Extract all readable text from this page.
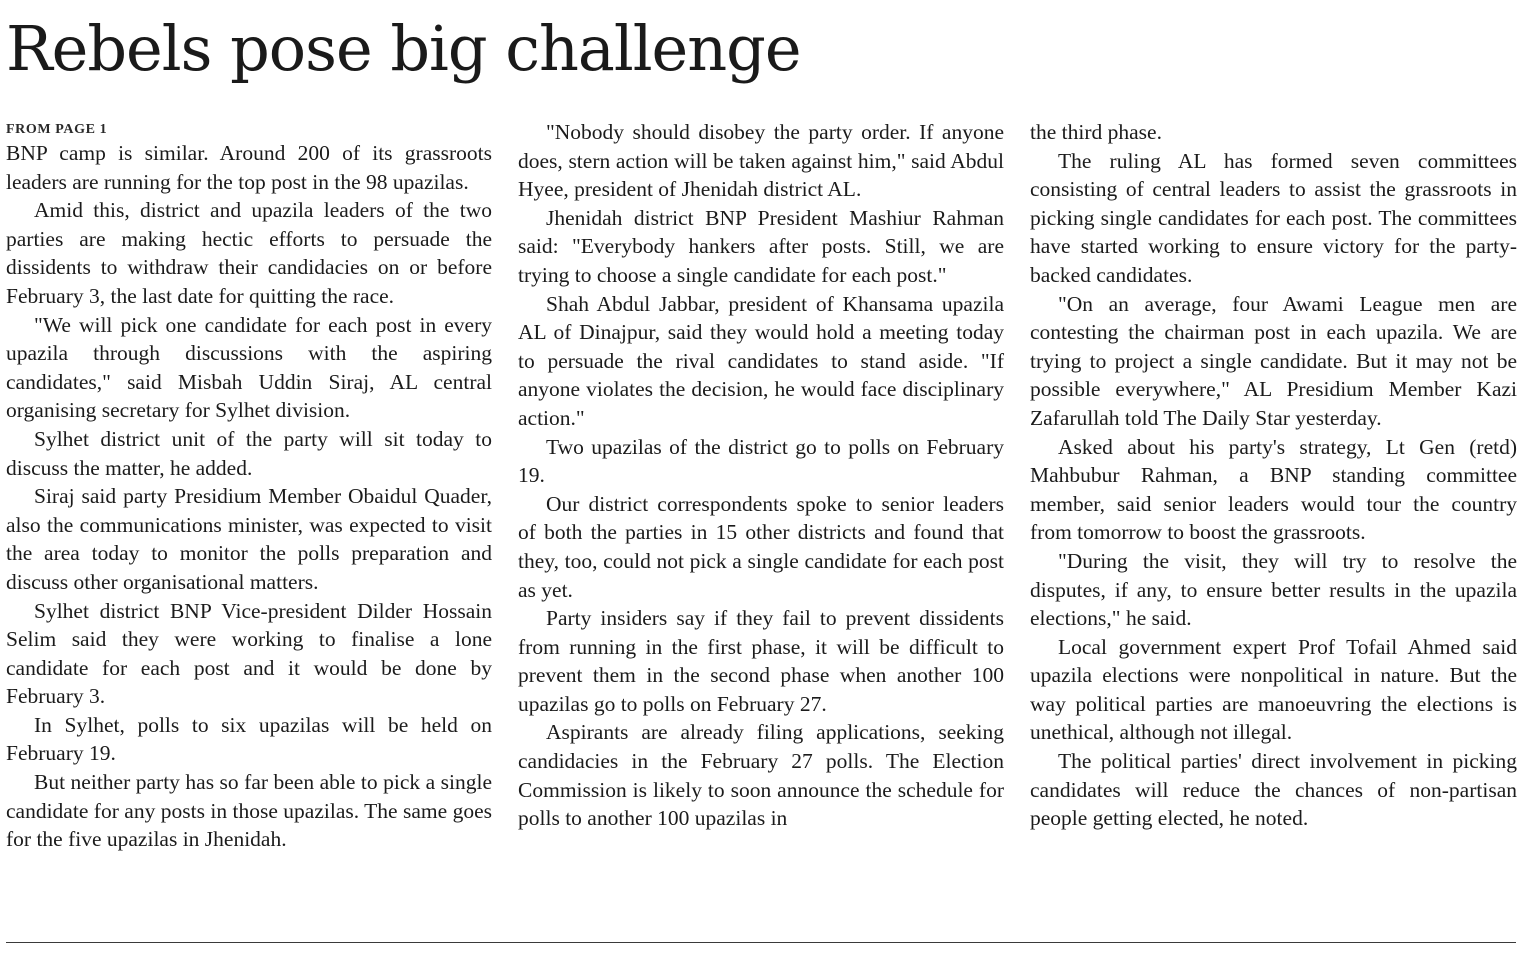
Rebels pose big challenge
FROM PAGE 1

BNP camp is similar. Around 200 of its grassroots leaders are running for the top post in the 98 upazilas.

Amid this, district and upazila leaders of the two parties are making hectic efforts to persuade the dissidents to withdraw their candidacies on or before February 3, the last date for quitting the race.

"We will pick one candidate for each post in every upazila through discussions with the aspiring candidates," said Misbah Uddin Siraj, AL central organising secretary for Sylhet division.

Sylhet district unit of the party will sit today to discuss the matter, he added.

Siraj said party Presidium Member Obaidul Quader, also the communications minister, was expected to visit the area today to monitor the polls preparation and discuss other organisational matters.

Sylhet district BNP Vice-president Dilder Hossain Selim said they were working to finalise a lone candidate for each post and it would be done by February 3.

In Sylhet, polls to six upazilas will be held on February 19.

But neither party has so far been able to pick a single candidate for any posts in those upazilas. The same goes for the five upazilas in Jhenidah.

"Nobody should disobey the party order. If anyone does, stern action will be taken against him," said Abdul Hyee, president of Jhenidah district AL.

Jhenidah district BNP President Mashiur Rahman said: "Everybody hankers after posts. Still, we are trying to choose a single candidate for each post."

Shah Abdul Jabbar, president of Khansama upazila AL of Dinajpur, said they would hold a meeting today to persuade the rival candidates to stand aside. "If anyone violates the decision, he would face disciplinary action."

Two upazilas of the district go to polls on February 19.

Our district correspondents spoke to senior leaders of both the parties in 15 other districts and found that they, too, could not pick a single candidate for each post as yet.

Party insiders say if they fail to prevent dissidents from running in the first phase, it will be difficult to prevent them in the second phase when another 100 upazilas go to polls on February 27.

Aspirants are already filing applications, seeking candidacies in the February 27 polls. The Election Commission is likely to soon announce the schedule for polls to another 100 upazilas in

the third phase.

The ruling AL has formed seven committees consisting of central leaders to assist the grassroots in picking single candidates for each post. The committees have started working to ensure victory for the party-backed candidates.

"On an average, four Awami League men are contesting the chairman post in each upazila. We are trying to project a single candidate. But it may not be possible everywhere," AL Presidium Member Kazi Zafarullah told The Daily Star yesterday.

Asked about his party's strategy, Lt Gen (retd) Mahbubur Rahman, a BNP standing committee member, said senior leaders would tour the country from tomorrow to boost the grassroots.

"During the visit, they will try to resolve the disputes, if any, to ensure better results in the upazila elections," he said.

Local government expert Prof Tofail Ahmed said upazila elections were nonpolitical in nature. But the way political parties are manoeuvring the elections is unethical, although not illegal.

The political parties' direct involvement in picking candidates will reduce the chances of non-partisan people getting elected, he noted.
